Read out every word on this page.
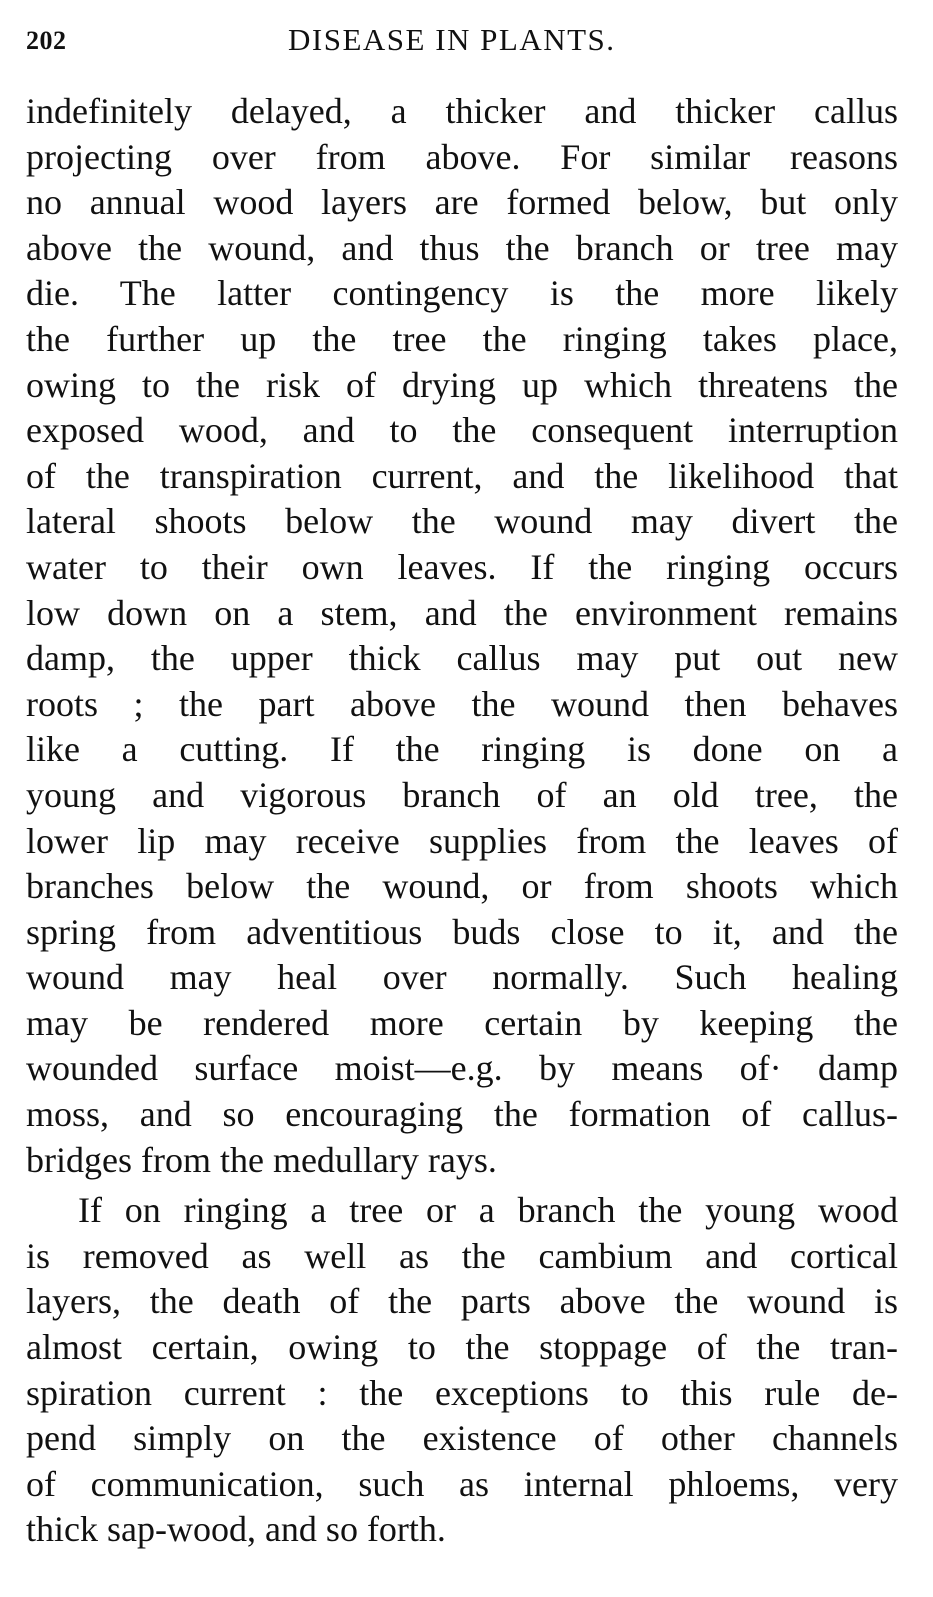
202	DISEASE IN PLANTS.
indefinitely delayed, a thicker and thicker callus
projecting over from above. For similar reasons
no annual wood layers are formed below, but only
above the wound, and thus the branch or tree may
die. The latter contingency is the more likely
the further up the tree the ringing takes place,
owing to the risk of drying up which threatens the
exposed wood, and to the consequent interruption
of the transpiration current, and the likelihood that
lateral shoots below the wound may divert the
water to their own leaves. If the ringing occurs
low down on a stem, and the environment remains
damp, the upper thick callus may put out new
roots ; the part above the wound then behaves
like a cutting. If the ringing is done on a
young and vigorous branch of an old tree, the
lower lip may receive supplies from the leaves of
branches below the wound, or from shoots which
spring from adventitious buds close to it, and the
wound may heal over normally. Such healing
may be rendered more certain by keeping the
wounded surface moist—e.g. by means of· damp
moss, and so encouraging the formation of callus-
bridges from the medullary rays.
If on ringing a tree or a branch the young wood
is removed as well as the cambium and cortical
layers, the death of the parts above the wound is
almost certain, owing to the stoppage of the tran-
spiration current : the exceptions to this rule de-
pend simply on the existence of other channels
of communication, such as internal phloems, very
thick sap-wood, and so forth.
